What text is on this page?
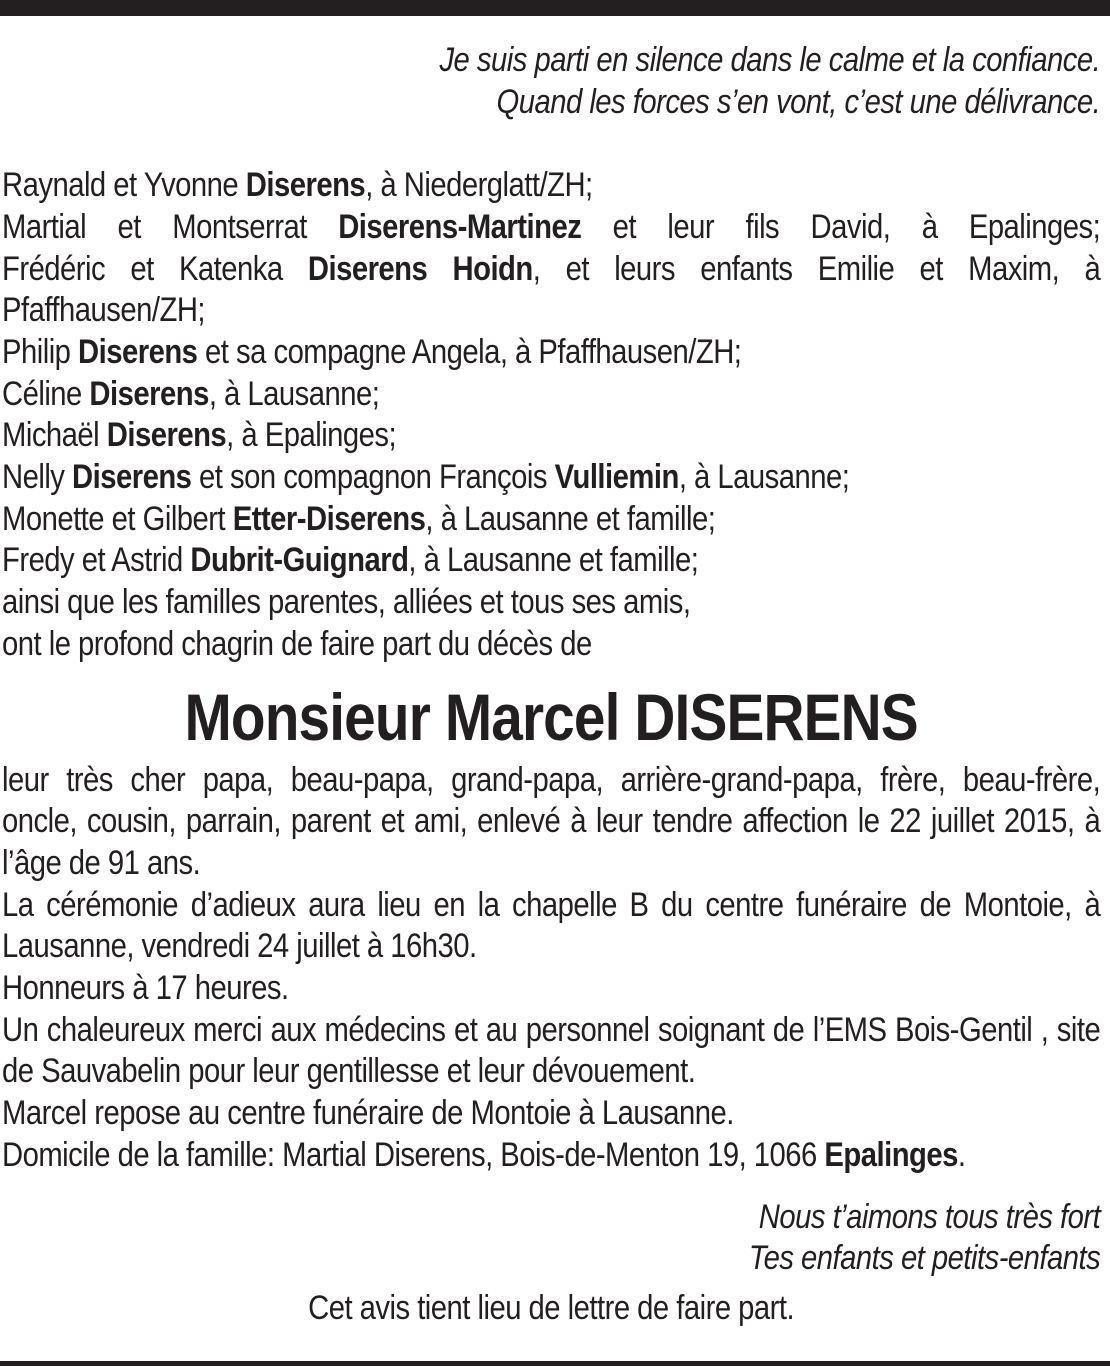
Je suis parti en silence dans le calme et la confiance.
Quand les forces s’en vont, c’est une délivrance.
Raynald et Yvonne Diserens, à Niederglatt/ZH;
Martial et Montserrat Diserens-Martinez et leur fils David, à Epalinges;
Frédéric et Katenka Diserens Hoidn, et leurs enfants Emilie et Maxim, à
Pfaffhausen/ZH;
Philip Diserens et sa compagne Angela, à Pfaffhausen/ZH;
Céline Diserens, à Lausanne;
Michaël Diserens, à Epalinges;
Nelly Diserens et son compagnon François Vulliemin, à Lausanne;
Monette et Gilbert Etter-Diserens, à Lausanne et famille;
Fredy et Astrid Dubrit-Guignard, à Lausanne et famille;
ainsi que les familles parentes, alliées et tous ses amis,
ont le profond chagrin de faire part du décès de
Monsieur Marcel DISERENS
leur très cher papa, beau-papa, grand-papa, arrière-grand-papa, frère, beau-frère, oncle, cousin, parrain, parent et ami, enlevé à leur tendre affection le 22 juillet 2015, à l’âge de 91 ans.
La cérémonie d’adieux aura lieu en la chapelle B du centre funéraire de Montoie, à Lausanne, vendredi 24 juillet à 16h30.
Honneurs à 17 heures.
Un chaleureux merci aux médecins et au personnel soignant de l’EMS Bois-Gentil , site de Sauvabelin pour leur gentillesse et leur dévouement.
Marcel repose au centre funéraire de Montoie à Lausanne.
Domicile de la famille: Martial Diserens, Bois-de-Menton 19, 1066 Epalinges.
Nous t’aimons tous très fort
Tes enfants et petits-enfants
Cet avis tient lieu de lettre de faire part.
